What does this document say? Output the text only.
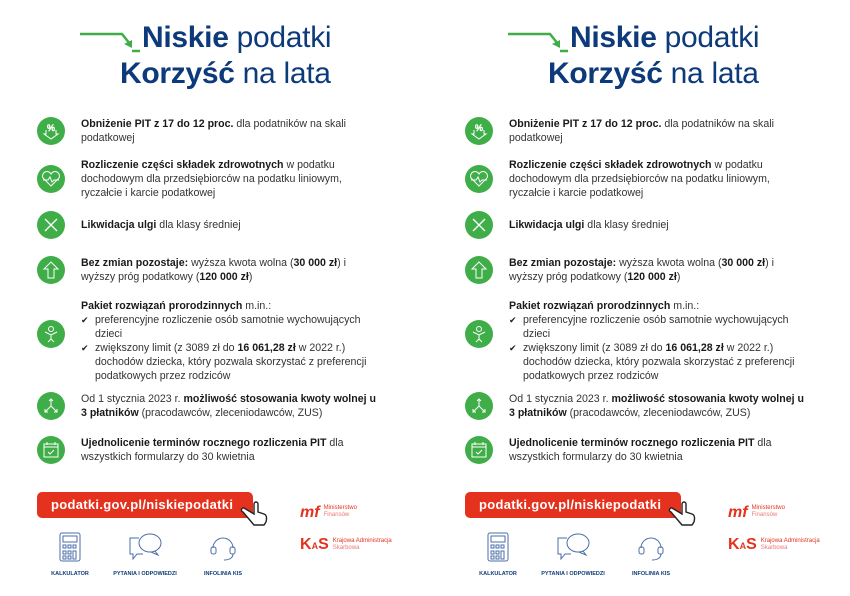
Niskie podatki
Korzyść na lata
% Obniżenie PIT z 17 do 12 proc. dla podatników na skali podatkowej
Rozliczenie części składek zdrowotnych w podatku dochodowym dla przedsiębiorców na podatku liniowym, ryczałcie i karcie podatkowej
Likwidacja ulgi dla klasy średniej
Bez zmian pozostaje: wyższa kwota wolna (30 000 zł) i wyższy próg podatkowy (120 000 zł)
Pakiet rozwiązań prorodzinnych m.in.:
✔ preferencyjne rozliczenie osób samotnie wychowujących dzieci
✔ zwiększony limit (z 3089 zł do 16 061,28 zł w 2022 r.) dochodów dziecka, który pozwala skorzystać z preferencji podatkowych przez rodziców
Od 1 stycznia 2023 r. możliwość stosowania kwoty wolnej u 3 płatników (pracodawców, zleceniodawców, ZUS)
Ujednolicenie terminów rocznego rozliczenia PIT dla wszystkich formularzy do 30 kwietnia
podatki.gov.pl/niskiepodatki
KALKULATOR	PYTANIA I ODPOWIEDZI	INFOLINIA KIS
mf Ministerstwo
Finansów
KAS Krajowa Administracja
Skarbowa
Niskie podatki
Korzyść na lata
% Obniżenie PIT z 17 do 12 proc. dla podatników na skali podatkowej
Rozliczenie części składek zdrowotnych w podatku dochodowym dla przedsiębiorców na podatku liniowym, ryczałcie i karcie podatkowej
Likwidacja ulgi dla klasy średniej
Bez zmian pozostaje: wyższa kwota wolna (30 000 zł) i wyższy próg podatkowy (120 000 zł)
Pakiet rozwiązań prorodzinnych m.in.:
✔ preferencyjne rozliczenie osób samotnie wychowujących dzieci
✔ zwiększony limit (z 3089 zł do 16 061,28 zł w 2022 r.) dochodów dziecka, który pozwala skorzystać z preferencji podatkowych przez rodziców
Od 1 stycznia 2023 r. możliwość stosowania kwoty wolnej u 3 płatników (pracodawców, zleceniodawców, ZUS)
Ujednolicenie terminów rocznego rozliczenia PIT dla wszystkich formularzy do 30 kwietnia
podatki.gov.pl/niskiepodatki
KALKULATOR	PYTANIA I ODPOWIEDZI	INFOLINIA KIS
mf Ministerstwo
Finansów
KAS Krajowa Administracja
Skarbowa
